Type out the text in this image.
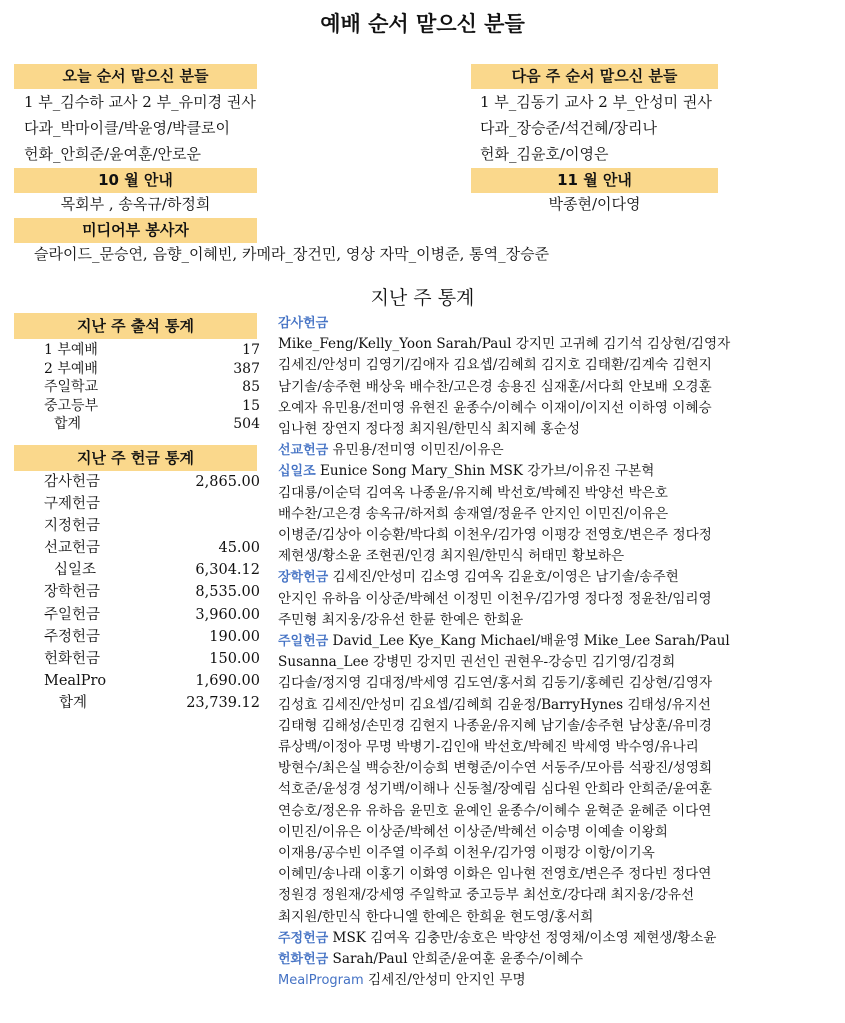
예배 순서 맡으신 분들
오늘 순서 맡으신 분들	다음 주 순서 맡으신 분들
1 부_김수하 교사 2 부_유미경 권사
다과_박마이클/박윤영/박클로이
헌화_안희준/윤여훈/안로운
1 부_김동기 교사 2 부_안성미 권사
다과_장승준/석건혜/장리나
헌화_김윤호/이영은
10 월 안내	11 월 안내
목회부 , 송옥규/하정희	박종현/이다영
미디어부 봉사자
슬라이드_문승연, 음향_이혜빈, 카메라_장건민, 영상 자막_이병준, 통역_장승준
지난 주 통계
지난 주 출석 통계
1 부예배	17
2 부예배	387
주일학교	85
중고등부	15
합계	504
지난 주 헌금 통계
감사헌금	2,865.00
구제헌금
지정헌금
선교헌금	45.00
십일조	6,304.12
장학헌금	8,535.00
주일헌금	3,960.00
주정헌금	190.00
헌화헌금	150.00
MealPro	1,690.00
합계	23,739.12

감사헌금

Mike_Feng/Kelly_Yoon Sarah/Paul 강지민 고귀혜 김기석 김상현/김영자

김세진/안성미 김영기/김애자 김요셉/김혜희 김지호 김태환/김계숙 김현지

남기솔/송주현 배상욱 배수찬/고은경 송용진 심재훈/서다희 안보배 오경훈

오예자 유민용/전미영 유현진 윤종수/이혜수 이재이/이지선 이하영 이혜승

임나현 장연지 정다정 최지원/한민식 최지혜 홍순성

선교헌금 유민용/전미영 이민진/이유은

십일조 Eunice Song Mary_Shin MSK 강가브/이유진 구본혁

김대룡/이순덕 김여옥 나종윤/유지혜 박선호/박혜진 박양선 박은호

배수찬/고은경 송옥규/하저희 송재열/정윤주 안지인 이민진/이유은

이병준/김상아 이승환/박다희 이천우/김가영 이평강 전영호/변은주 정다정

제현생/황소윤 조현권/인경 최지원/한민식 허태민 황보하은

장학헌금 김세진/안성미 김소영 김여옥 김윤호/이영은 남기솔/송주현

안지인 유하음 이상준/박혜선 이정민 이천우/김가영 정다정 정윤찬/임리영

주민형 최지웅/강유선 한륜 한예은 한희윤

주일헌금 David_Lee Kye_Kang Michael/배윤영 Mike_Lee Sarah/Paul

Susanna_Lee 강병민 강지민 권선인 권현우-강승민 김기영/김경희

김다솔/정지영 김대정/박세영 김도연/홍서희 김동기/홍혜린 김상현/김영자

김성효 김세진/안성미 김요셉/김혜희 김윤정/BarryHynes 김태성/유지선

김태형 김해성/손민경 김현지 나종윤/유지혜 남기솔/송주현 남상훈/유미경

류상백/이정아 무명 박병기-김인애 박선호/박혜진 박세영 박수영/유나리

방현수/최은실 백승찬/이승희 변형준/이수연 서동주/모아름 석광진/성영희

석호준/윤성경 성기백/이해나 신동철/장예림 심다원 안희라 안희준/윤여훈

연승호/정온유 유하음 윤민호 윤예인 윤종수/이혜수 윤혁준 윤혜준 이다연

이민진/이유은 이상준/박혜선 이상준/박혜선 이승명 이예솔 이왕희

이재용/공수빈 이주열 이주희 이천우/김가영 이평강 이항/이기옥

이혜민/송나래 이홍기 이화영 이화은 임나현 전영호/변은주 정다빈 정다연

정원경 정원재/강세영 주일학교 중고등부 최선호/강다래 최지웅/강유선

최지원/한민식 한다니엘 한예은 한희윤 현도영/홍서희

주정헌금 MSK 김여옥 김충만/송호은 박양선 정영채/이소영 제현생/황소윤

헌화헌금 Sarah/Paul 안희준/윤여훈 윤종수/이혜수

MealProgram 김세진/안성미 안지인 무명
